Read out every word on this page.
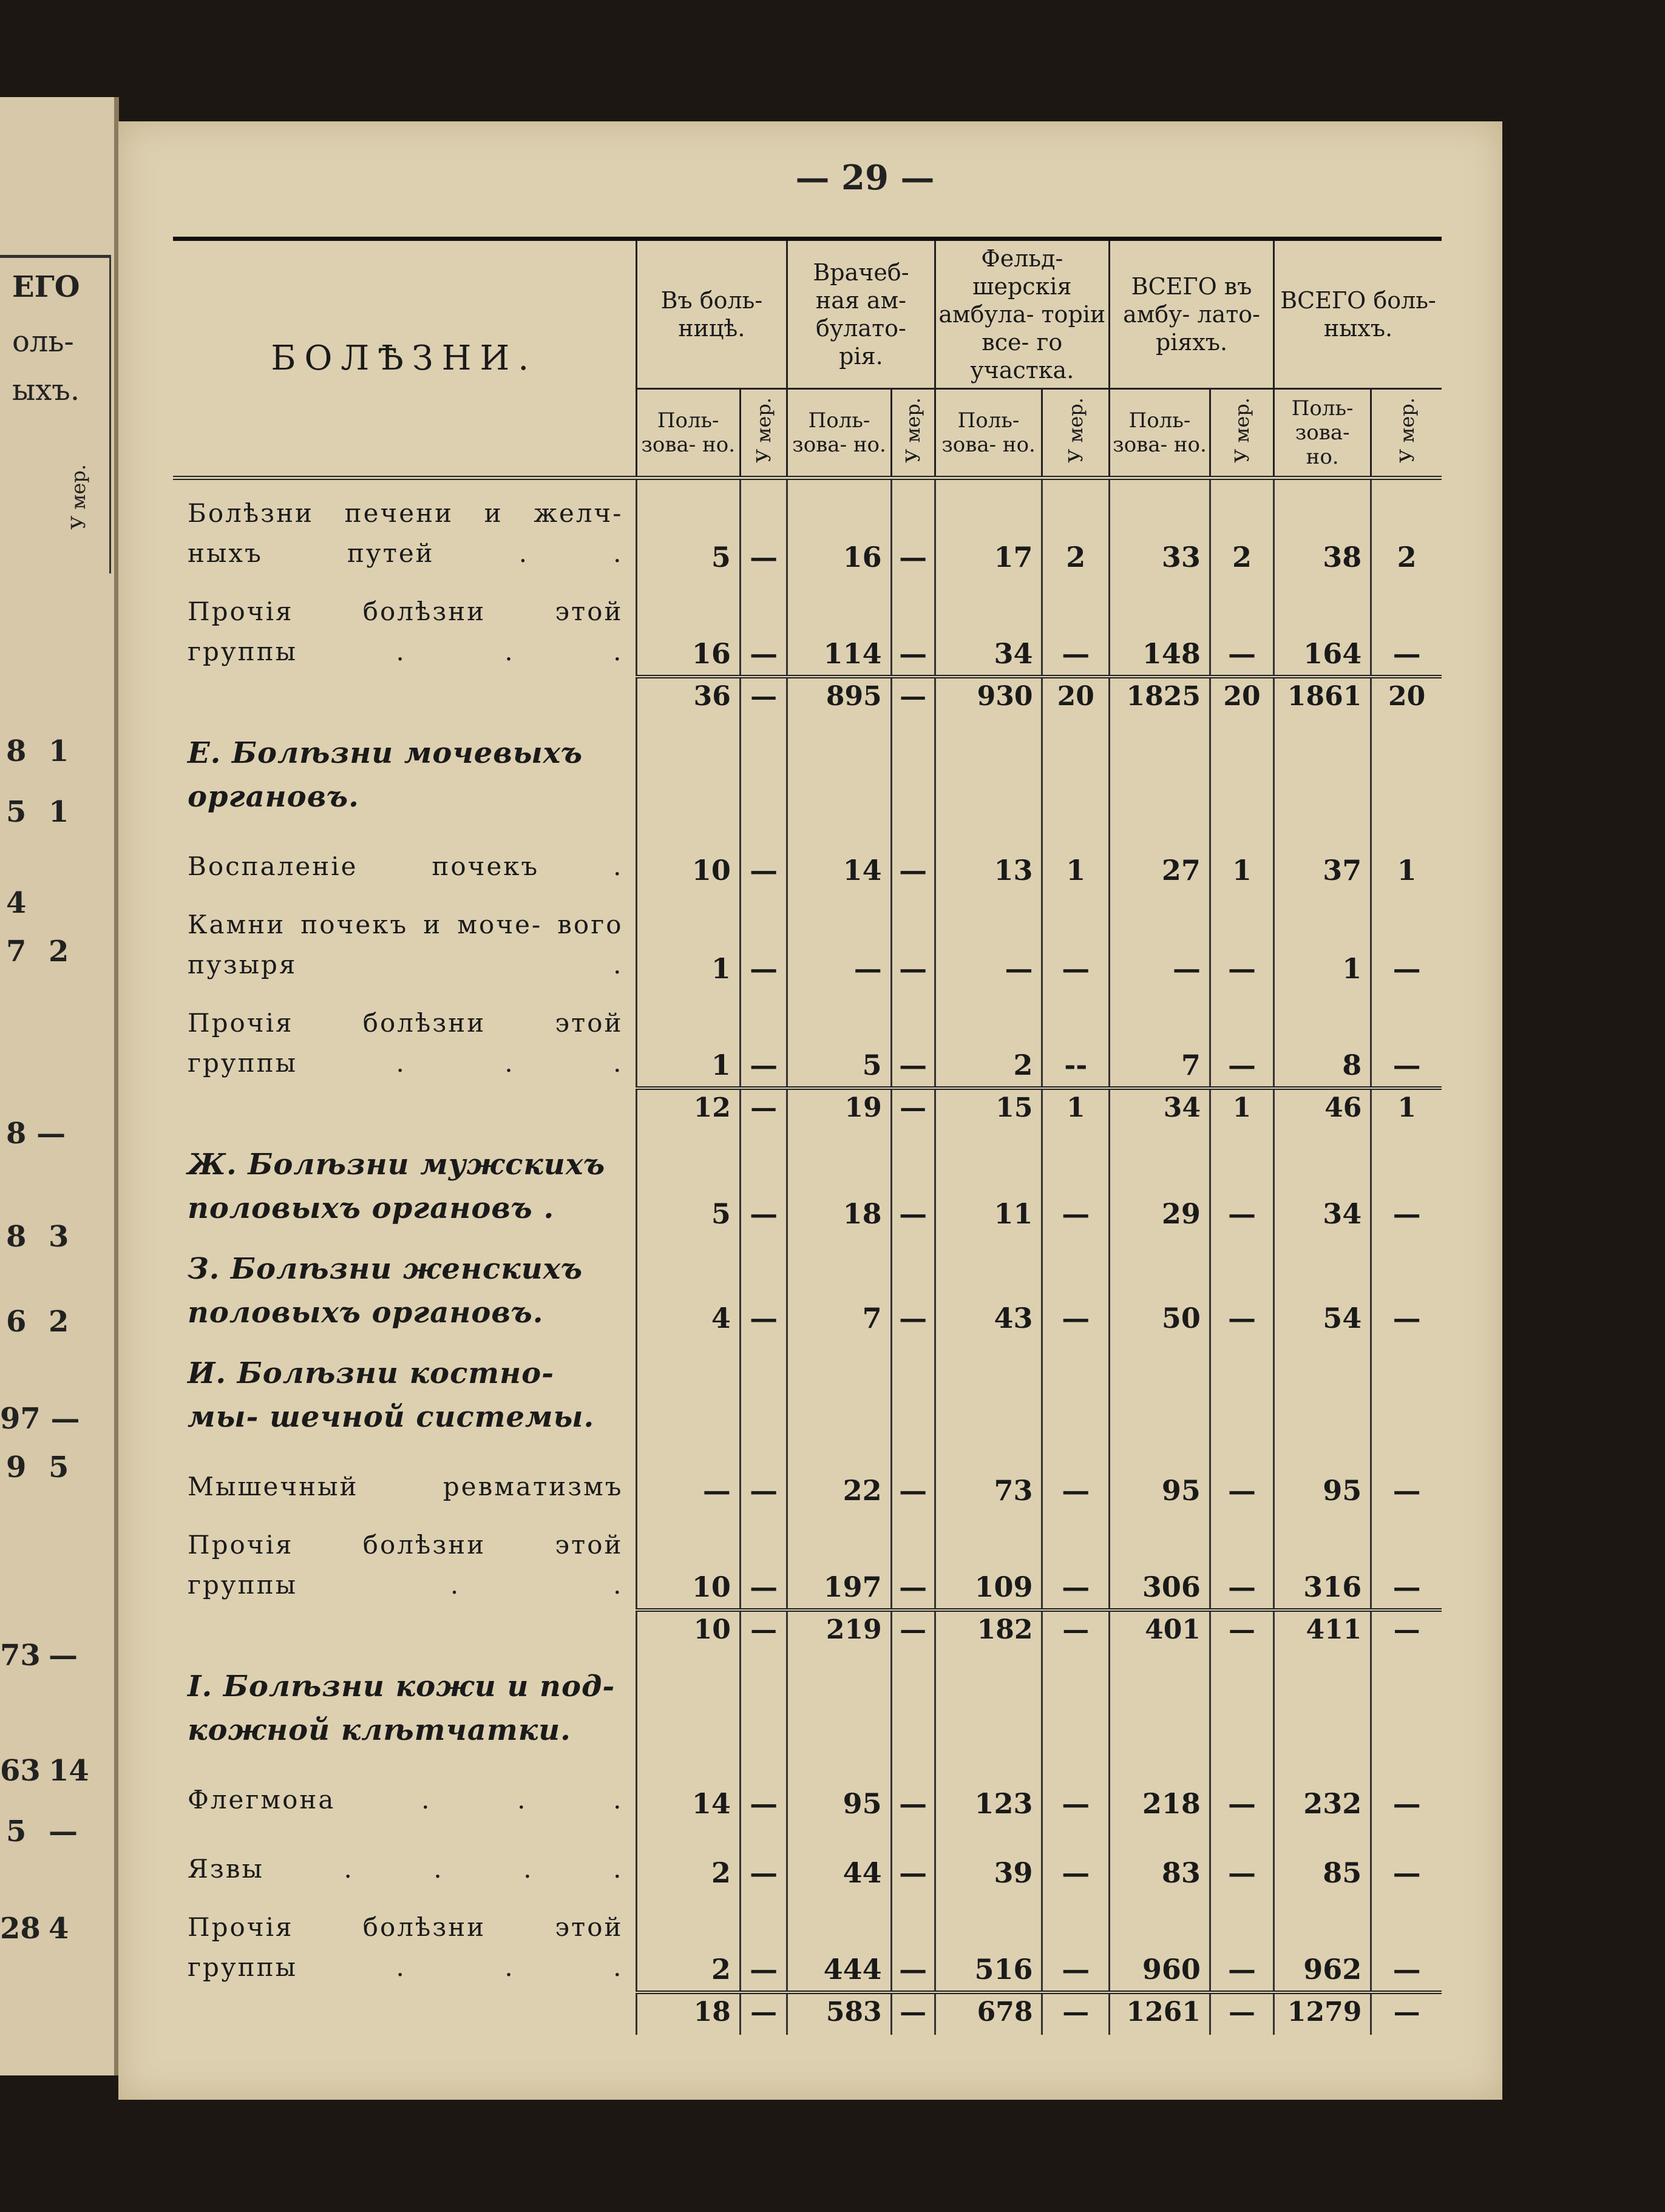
ЕГО
оль-
ыхъ.
У мер.
8 1
5 1
4
7 2
8 —
8 3
6 2
97 —
9 5
73 —
63 14
5 —
28 4
— 29 —
БОЛѢЗНИ.	Въ боль- ницѣ.		Врачеб- ная ам- булато- рія.		Фельд- шерскія амбула- торіи все- го участка.		ВСЕГО въ амбу- лато- ріяхъ.		ВСЕГО боль- ныхъ.	
	Поль- зова- но.	У мер.	Поль- зова- но.	У мер.	Поль- зова- но.	У мер.	Поль- зова- но.	У мер.	Поль- зова- но.	У мер.
Болѣзни печени и желч- ныхъ путей . .	5	—	16	—	17	2	33	2	38	2
Прочія болѣзни этой группы . . .	16	—	114	—	34	—	148	—	164	—
	36	—	895	—	930	20	1825	20	1861	20
Е. Болѣзни мочевыхъ органовъ.										
Воспаленіе почекъ .	10	—	14	—	13	1	27	1	37	1
Камни почекъ и моче- вого пузыря .	1	—	—	—	—	—	—	—	1	—
Прочія болѣзни этой группы . . .	1	—	5	—	2	--	7	—	8	—
	12	—	19	—	15	1	34	1	46	1
Ж. Болѣзни мужскихъ половыхъ органовъ .	5	—	18	—	11	—	29	—	34	—
З. Болѣзни женскихъ половыхъ органовъ.	4	—	7	—	43	—	50	—	54	—
И. Болѣзни костно-мы- шечной системы.										
Мышечный ревматизмъ	—	—	22	—	73	—	95	—	95	—
Прочія болѣзни этой группы . .	10	—	197	—	109	—	306	—	316	—
	10	—	219	—	182	—	401	—	411	—
І. Болѣзни кожи и под- кожной клѣтчатки.										
Флегмона . . .	14	—	95	—	123	—	218	—	232	—
Язвы . . . .	2	—	44	—	39	—	83	—	85	—
Прочія болѣзни этой группы . . .	2	—	444	—	516	—	960	—	962	—
	18	—	583	—	678	—	1261	—	1279	—
